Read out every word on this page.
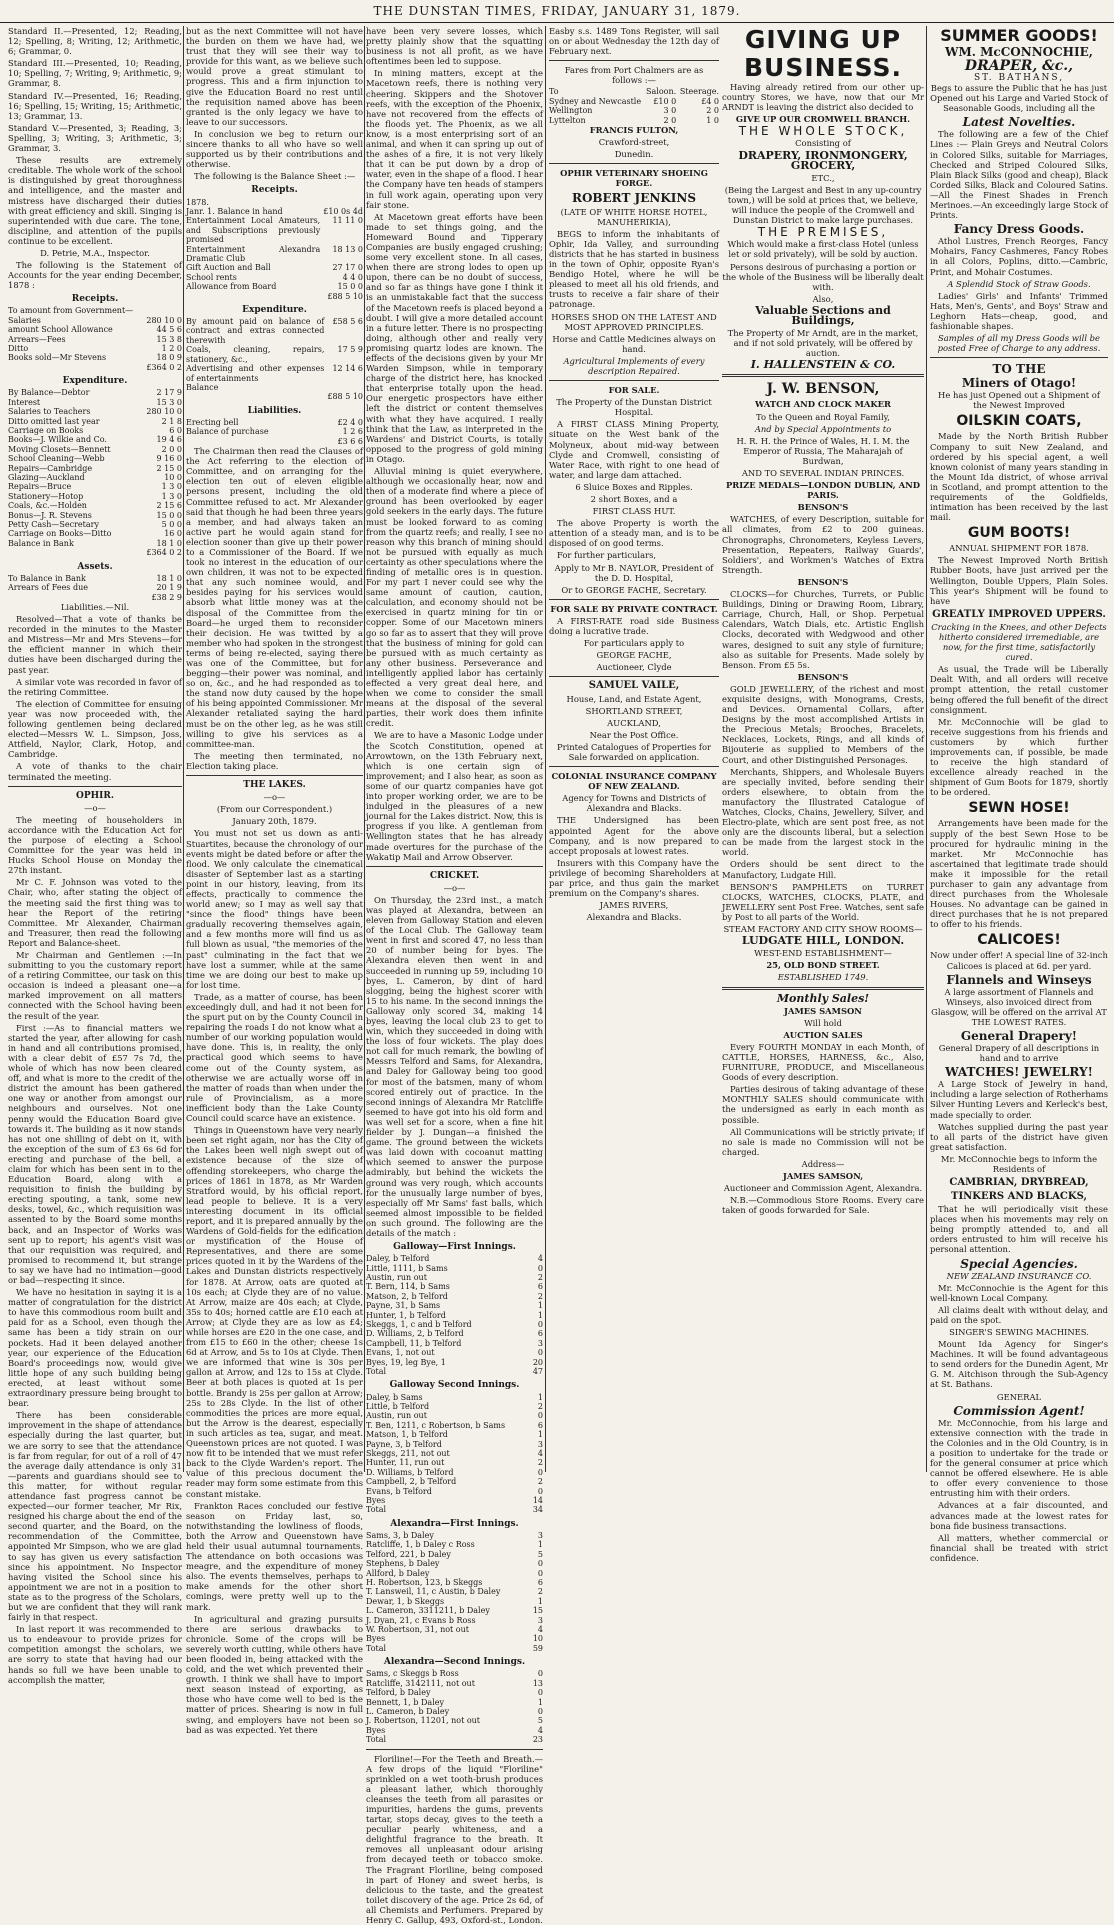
THE DUNSTAN TIMES, FRIDAY, JANUARY 31, 1879.

Standard II.—Presented, 12; Reading, 12; Spelling, 8; Writing, 12; Arithmetic, 6; Grammar, 0.

Standard III.—Presented, 10; Reading, 10; Spelling, 7; Writing, 9; Arithmetic, 9; Grammar, 8.

Standard IV.—Presented, 16; Reading, 16; Spelling, 15; Writing, 15; Arithmetic, 13; Grammar, 13.

Standard V.—Presented, 3; Reading, 3; Spelling, 3; Writing, 3; Arithmetic, 3; Grammar, 3.

These results are extremely creditable. The whole work of the school is distinguished by great thoroughness and intelligence, and the master and mistress have discharged their duties with great efficiency and skill. Singing is superintended with due care. The tone, discipline, and attention of the pupils continue to be excellent.

D. Petrie, M.A., Inspector.

The following is the Statement of Accounts for the year ending December, 1878 :

Receipts.
To amount from Government—	
Salaries	280 10 0
amount School Allowance	44 5 6
Arrears—Fees	15 3 8
Ditto	1 2 0
Books sold—Mr Stevens	18 0 9
	£364 0 2
Expenditure.
By Balance—Debtor	2 17 9
Interest	15 3 0
Salaries to Teachers	280 10 0
Ditto omitted last year	2 1 8
Carriage on Books	6 0
Books—J. Wilkie and Co.	19 4 6
Moving Closets—Bennett	2 0 0
School Cleaning—Webb	9 16 0
Repairs—Cambridge	2 15 0
Glazing—Auckland	10 0
Repairs—Bruce	1 3 0
Stationery—Hotop	1 3 0
Coals, &c.—Holden	2 15 6
Bonus—J. R. Stevens	15 0 0
Petty Cash—Secretary	5 0 0
Carriage on Books—Ditto	16 0
Balance in Bank	18 1 0
	£364 0 2
Assets.
To Balance in Bank	18 1 0
Arrears of Fees due	20 1 9
	£38 2 9

Liabilities.—Nil.

Resolved—That a vote of thanks be recorded in the minutes to the Master and Mistress—Mr and Mrs Stevens—for the efficient manner in which their duties have been discharged during the past year.

A similar vote was recorded in favor of the retiring Committee.

The election of Committee for ensuing year was now proceeded with, the following gentlemen being declared elected—Messrs W. L. Simpson, Joss, Attfield, Naylor, Clark, Hotop, and Cambridge.

A vote of thanks to the chair terminated the meeting.

OPHIR.
—o—

The meeting of householders in accordance with the Education Act for the purpose of electing a School Committee for the year was held in Hucks School House on Monday the 27th instant.

Mr C. F. Johnson was voted to the Chair, who, after stating the object of the meeting said the first thing was to hear the Report of the retiring Committee. Mr Alexander, Chairman and Treasurer, then read the following Report and Balance-sheet.

Mr Chairman and Gentlemen :—In submitting to you the customary report of a retiring Committee, our task on this occasion is indeed a pleasant one—a marked improvement on all matters connected with the School having been the result of the year.

First :—As to financial matters we started the year, after allowing for cash in hand and all contributions promised, with a clear debit of £57 7s 7d, the whole of which has now been cleared off, and what is more to the credit of the district the amount has been gathered one way or another from amongst our neighbours and ourselves. Not one penny would the Education Board give towards it. The building as it now stands has not one shilling of debt on it, with the exception of the sum of £3 6s 6d for erecting and purchase of the bell, a claim for which has been sent in to the Education Board, along with a requisition to finish the building by erecting spouting, a tank, some new desks, towel, &c., which requisition was assented to by the Board some months back, and an Inspector of Works was sent up to report; his agent's visit was that our requisition was required, and promised to recommend it, but strange to say we have had no intimation—good or bad—respecting it since.

We have no hesitation in saying it is a matter of congratulation for the district to have this commodious room built and paid for as a School, even though the same has been a tidy strain on our pockets. Had it been delayed another year, our experience of the Education Board's proceedings now, would give little hope of any such building being erected, at least without some extraordinary pressure being brought to bear.

There has been considerable improvement in the shape of attendance especially during the last quarter, but we are sorry to see that the attendance is far from regular, for out of a roll of 47 the average daily attendance is only 31—parents and guardians should see to this matter, for without regular attendance fast progress cannot be expected—our former teacher, Mr Rix, resigned his charge about the end of the second quarter, and the Board, on the recommendation of the Committee, appointed Mr Simpson, who we are glad to say has given us every satisfaction since his appointment. No Inspector having visited the School since his appointment we are not in a position to state as to the progress of the Scholars, but we are confident that they will rank fairly in that respect.

In last report it was recommended to us to endeavour to provide prizes for competition amongst the scholars, we are sorry to state that having had our hands so full we have been unable to accomplish the matter,

but as the next Committee will not have the burden on them we have had, we trust that they will see their way to provide for this want, as we believe such would prove a great stimulant to progress. This and a firm injunction to give the Education Board no rest until the requisition named above has been granted is the only legacy we have to leave to our successors.

In conclusion we beg to return our sincere thanks to all who have so well supported us by their contributions and otherwise.

The following is the Balance Sheet :—

Receipts.
1878.	
Janr. 1. Balance in hand	£10 0s 4d
Entertainment Local Amateurs, and Subscriptions previously promised	11 11 0
Entertainment Alexandra Dramatic Club	18 13 0
Gift Auction and Ball	27 17 0
School rents	4 4 0
Allowance from Board	15 0 0
	£88 5 10
Expenditure.
By amount paid on balance of contract and extras connected therewith	£58 5 6
Coals, cleaning, repairs, stationery, &c.,	17 5 9
Advertising and other expenses of entertainments	12 14 6
Balance	
	£88 5 10
Liabilities.
Erecting bell	£2 4 0
Balance of purchase	1 2 6
	£3 6 6

The Chairman then read the Clauses of the Act referring to the election of Committee, and on arranging for the election ten out of eleven eligible persons present, including the old Committee refused to act. Mr Alexander said that though he had been three years a member, and had always taken an active part he would again stand for election sooner than give up their power to a Commissioner of the Board. If we took no interest in the education of our own children, it was not to be expected that any such nominee would, and besides paying for his services would absorb what little money was at the disposal of the Committee from the Board—he urged them to reconsider their decision. He was twitted by a member who had spoken in the strongest terms of being re-elected, saying there was one of the Committee, but for begging—their power was nominal, and so on, &c., and he had responded as to the stand now duty caused by the hope of his being appointed Commissioner. Mr Alexander retaliated saying the hard must be on the other leg, as he was still willing to give his services as a committee-man.

The meeting then terminated, no Election taking place.

THE LAKES.
—o—

(From our Correspondent.)

January 20th, 1879.

You must not set us down as anti-Stuartites, because the chronology of our events might be dated before or after the flood. We only calculate the cinematical disaster of September last as a starting point in our history, leaving, from its effects, practically to commence the world anew; so I may as well say that "since the flood" things have been gradually recovering themselves again, and a few months more will find us as full blown as usual, "the memories of the past" culminating in the fact that we have lost a summer, while at the same time we are doing our best to make up for lost time.

Trade, as a matter of course, has been exceedingly dull, and had it not been for the spurt put on by the County Council in repairing the roads I do not know what a number of our working population would have done. This is, in reality, the only practical good which seems to have come out of the County system, as otherwise we are actually worse off in the matter of roads than when under the rule of Provincialism, as a more inefficient body than the Lake County Council could scarce have an existence.

Things in Queenstown have very nearly been set right again, nor has the City of the Lakes been well nigh swept out of existence because of the size of offending storekeepers, who charge the prices of 1861 in 1878, as Mr Warden Stratford would, by his official report, lead people to believe. It is a very interesting document in its official report, and it is prepared annually by the Wardens of Gold-fields for the edification or mystification of the House of Representatives, and there are some prices quoted in it by the Wardens of the Lakes and Dunstan districts respectively for 1878. At Arrow, oats are quoted at 10s each; at Clyde they are of no value. At Arrow, maize are 40s each; at Clyde, 35s to 40s; horned cattle are £10 each at Arrow; at Clyde they are as low as £4; while horses are £20 in the one case, and from £15 to £60 in the other; cheese 1s 6d at Arrow, and 5s to 10s at Clyde. Then we are informed that wine is 30s per gallon at Arrow, and 12s to 15s at Clyde. Beer at both places is quoted at 1s per bottle. Brandy is 25s per gallon at Arrow; 25s to 28s Clyde. In the list of other commodities the prices are more equal, but the Arrow is the dearest, especially in such articles as tea, sugar, and meat. Queenstown prices are not quoted. I was now fit to be intended that we must refer back to the Clyde Warden's report. The value of this precious document the reader may form some estimate from this constant mistake.

Frankton Races concluded our festive season on Friday last, so, notwithstanding the lowliness of floods, both the Arrow and Queenstown have held their usual autumnal tournaments. The attendance on both occasions was meagre, and the expenditure of money also. The events themselves, perhaps to make amends for the other short comings, were pretty well up to the mark.

In agricultural and grazing pursuits there are serious drawbacks to chronicle. Some of the crops will be severely worth cutting, while others have been flooded in, being attacked with the cold, and the wet which prevented their growth. I think we shall have to import next season instead of exporting, as those who have come well to bed is the matter of prices. Shearing is now in full swing, and employers have not been so bad as was expected. Yet there

have been very severe losses, which pretty plainly show that the squatting business is not all profit, as we have oftentimes been led to suppose.

In mining matters, except at the Macetown reefs, there is nothing very cheering. Skippers and the Shotover reefs, with the exception of the Phoenix, have not recovered from the effects of the floods yet. The Phoenix, as we all know, is a most enterprising sort of an animal, and when it can spring up out of the ashes of a fire, it is not very likely that it can be put down by a drop of water, even in the shape of a flood. I hear the Company have ten heads of stampers in full work again, operating upon very fair stone.

At Macetown great efforts have been made to set things going, and the Homeward Bound and Tipperary Companies are busily engaged crushing; some very excellent stone. In all cases, when there are strong lodes to open up upon, there can be no doubt of success, and so far as things have gone I think it is an unmistakable fact that the success of the Macetown reefs is placed beyond a doubt. I will give a more detailed account in a future letter. There is no prospecting doing, although other and really very promising quartz lodes are known. The effects of the decisions given by your Mr Warden Simpson, while in temporary charge of the district here, has knocked that enterprise totally upon the head. Our energetic prospectors have either left the district or content themselves with what they have acquired. I really think that the Law, as interpreted in the Wardens' and District Courts, is totally opposed to the progress of gold mining in Otago.

Alluvial mining is quiet everywhere, although we occasionally hear, now and then of a moderate find where a piece of ground has been overlooked by eager gold seekers in the early days. The future must be looked forward to as coming from the quartz reefs; and really, I see no reason why this branch of mining should not be pursued with equally as much certainty as other speculations where the finding of metallic ores is in question. For my part I never could see why the same amount of caution, caution, calculation, and economy should not be exercised in quartz mining for tin or copper. Some of our Macetown miners go so far as to assert that they will prove that the business of mining for gold can be pursued with as much certainty as any other business. Perseverance and intelligently applied labor has certainly effected a very great deal here, and when we come to consider the small means at the disposal of the several parties, their work does them infinite credit.

We are to have a Masonic Lodge under the Scotch Constitution, opened at Arrowtown, on the 13th February next, which is one certain sign of improvement; and I also hear, as soon as some of our quartz companies have got into proper working order, we are to be indulged in the pleasures of a new journal for the Lakes district. Now, this is progress if you like. A gentleman from Wellington states that he has already made overtures for the purchase of the Wakatip Mail and Arrow Observer.

CRICKET.
—o—

On Thursday, the 23rd inst., a match was played at Alexandra, between an eleven from Galloway Station and eleven of the Local Club. The Galloway team went in first and scored 47, no less than 20 of number being for byes. The Alexandra eleven then went in and succeeded in running up 59, including 10 byes, L. Cameron, by dint of hard slogging, being the highest scorer with 15 to his name. In the second innings the Galloway only scored 34, making 14 byes, leaving the local club 23 to get to win, which they succeeded in doing with the loss of four wickets. The play does not call for much remark, the bowling of Messrs Telford and Sams, for Alexandra, and Daley for Galloway being too good for most of the batsmen, many of whom scored entirely out of practice. In the second innings of Alexandra Mr Ratcliffe seemed to have got into his old form and was well set for a score, when a fine hit fielder by J. Dungan—a finished the game. The ground between the wickets was laid down with cocoanut matting which seemed to answer the purpose admirably, but behind the wickets the ground was very rough, which accounts for the unusually large number of byes, especially off Mr Sams' fast balls, which seemed almost impossible to be fielded on such ground. The following are the details of the match :

Galloway—First Innings.
Daley, b Telford	4
Little, 1111, b Sams	0
Austin, run out	2
T. Bern, 114, b Sams	6
Matson, 2, b Telford	2
Payne, 31, b Sams	1
Hunter, 1, b Telford	1
Skeggs, 1, c and b Telford	0
D. Williams, 2, b Telford	6
Campbell, 11, b Telford	3
Evans, 1, not out	0
Byes, 19, leg Bye, 1	20
Total	47
Galloway Second Innings.
Daley, b Sams	1
Little, b Telford	2
Austin, run out	0
T. Ben, 1211, c Robertson, b Sams	6
Matson, 1, b Telford	1
Payne, 3, b Telford	3
Skeggs, 211, not out	4
Hunter, 11, run out	2
D. Williams, b Telford	0
Campbell, 2, b Telford	2
Evans, b Telford	0
Byes	14
Total	34
Alexandra—First Innings.
Sams, 3, b Daley	3
Ratcliffe, 1, b Daley c Ross	1
Telford, 221, b Daley	5
Stephens, b Daley	0
Allford, b Daley	0
H. Robertson, 123, b Skeggs	6
T. Lansweil, 11, c Austin, b Daley	2
Dewar, 1, b Skeggs	1
L. Cameron, 3311211, b Daley	15
J. Dyan, 21, c Evans b Ross	3
W. Robertson, 31, not out	4
Byes	10
Total	59
Alexandra—Second Innings.
Sams, c Skeggs b Ross	0
Ratcliffe, 3142111, not out	13
Telford, b Daley	0
Bennett, 1, b Daley	1
L. Cameron, b Daley	0
J. Robertson, 11201, not out	5
Byes	4
Total	23

Floriline!—For the Teeth and Breath.—A few drops of the liquid "Floriline" sprinkled on a wet tooth-brush produces a pleasant lather, which thoroughly cleanses the teeth from all parasites or impurities, hardens the gums, prevents tartar, stops decay, gives to the teeth a peculiar pearly whiteness, and a delightful fragrance to the breath. It removes all unpleasant odour arising from decayed teeth or tobacco smoke. The Fragrant Floriline, being composed in part of Honey and sweet herbs, is delicious to the taste, and the greatest toilet discovery of the age. Price 2s 6d, of all Chemists and Perfumers. Prepared by Henry C. Gallup, 493, Oxford-st., London.

Easby s.s. 1489 Tons Register, will sail on or about Wednesday the 12th day of February next.

Fares from Port Chalmers are as follows :—

To	Saloon.	Steerage.
Sydney and Newcastle	£10 0	£4 0
Wellington	3 0	2 0
Lyttelton	2 0	1 0

FRANCIS FULTON,

Crawford-street,

Dunedin.

OPHIR VETERINARY SHOEING FORGE.

ROBERT JENKINS

(LATE OF WHITE HORSE HOTEL, MANUHERIKIA),

BEGS to inform the inhabitants of Ophir, Ida Valley, and surrounding districts that he has started in business in the town of Ophir, opposite Ryan's Bendigo Hotel, where he will be pleased to meet all his old friends, and trusts to receive a fair share of their patronage.

HORSES SHOD ON THE LATEST AND MOST APPROVED PRINCIPLES.

Horse and Cattle Medicines always on hand.

Agricultural Implements of every description Repaired.

FOR SALE.

The Property of the Dunstan District Hospital.

A FIRST CLASS Mining Property, situate on the West bank of the Molyneux, about mid-way between Clyde and Cromwell, consisting of Water Race, with right to one head of water, and large dam attached.

6 Sluice Boxes and Ripples.

2 short Boxes, and a

FIRST CLASS HUT.

The above Property is worth the attention of a steady man, and is to be disposed of on good terms.

For further particulars,

Apply to Mr B. NAYLOR, President of the D. D. Hospital,

Or to GEORGE FACHE, Secretary.

FOR SALE BY PRIVATE CONTRACT.

A FIRST-RATE road side Business doing a lucrative trade.

For particulars apply to

GEORGE FACHE,

Auctioneer, Clyde

SAMUEL VAILE,

House, Land, and Estate Agent,

SHORTLAND STREET,

AUCKLAND,

Near the Post Office.

Printed Catalogues of Properties for Sale forwarded on application.

COLONIAL INSURANCE COMPANY OF NEW ZEALAND.

Agency for Towns and Districts of Alexandra and Blacks.

THE Undersigned has been appointed Agent for the above Company, and is now prepared to accept proposals at lowest rates.

Insurers with this Company have the privilege of becoming Shareholders at par price, and thus gain the market premium on the Company's shares.

JAMES RIVERS,

Alexandra and Blacks.

GIVING UP BUSINESS.

Having already retired from our other up-country Stores, we have, now that our Mr ARNDT is leaving the district also decided to

GIVE UP OUR CROMWELL BRANCH.

THE WHOLE STOCK,

Consisting of

DRAPERY, IRONMONGERY, GROCERY,

ETC.,

(Being the Largest and Best in any up-country town,) will be sold at prices that, we believe, will induce the people of the Cromwell and Dunstan District to make large purchases.

THE PREMISES,

Which would make a first-class Hotel (unless let or sold privately), will be sold by auction.

Persons desirous of purchasing a portion or the whole of the Business will be liberally dealt with.

Also,

Valuable Sections and Buildings,

The Property of Mr Arndt, are in the market, and if not sold privately, will be offered by auction.

I. HALLENSTEIN & CO.

J. W. BENSON,

WATCH AND CLOCK MAKER

To the Queen and Royal Family,

And by Special Appointments to

H. R. H. the Prince of Wales, H. I. M. the Emperor of Russia, The Maharajah of Burdwan,

AND TO SEVERAL INDIAN PRINCES.

PRIZE MEDALS—LONDON DUBLIN, AND PARIS.

BENSON'S

WATCHES, of every Description, suitable for all climates, from £2 to 200 guineas. Chronographs, Chronometers, Keyless Levers, Presentation, Repeaters, Railway Guards', Soldiers', and Workmen's Watches of Extra Strength.

BENSON'S

CLOCKS—for Churches, Turrets, or Public Buildings, Dining or Drawing Room, Library, Carriage, Church, Hall, or Shop. Perpetual Calendars, Watch Dials, etc. Artistic English Clocks, decorated with Wedgwood and other wares, designed to suit any style of furniture; also as suitable for Presents. Made solely by Benson. From £5 5s.

BENSON'S

GOLD JEWELLERY, of the richest and most exquisite designs, with Monograms, Crests, and Devices. Ornamental Collars, after Designs by the most accomplished Artists in the Precious Metals; Brooches, Bracelets, Necklaces, Lockets, Rings, and all kinds of Bijouterie as supplied to Members of the Court, and other Distinguished Personages.

Merchants, Shippers, and Wholesale Buyers are specially invited, before sending their orders elsewhere, to obtain from the manufactory the Illustrated Catalogue of Watches, Clocks, Chains, Jewellery, Silver, and Electro-plate, which are sent post free, as not only are the discounts liberal, but a selection can be made from the largest stock in the world.

Orders should be sent direct to the Manufactory, Ludgate Hill.

BENSON'S PAMPHLETS on TURRET CLOCKS, WATCHES, CLOCKS, PLATE, and JEWELLERY sent Post Free. Watches, sent safe by Post to all parts of the World.

STEAM FACTORY AND CITY SHOW ROOMS—

LUDGATE HILL, LONDON.

WEST-END ESTABLISHMENT—

25, OLD BOND STREET.

ESTABLISHED 1749.

Monthly Sales!

JAMES SAMSON

Will hold

AUCTION SALES

Every FOURTH MONDAY in each Month, of CATTLE, HORSES, HARNESS, &c., Also, FURNITURE, PRODUCE, and Miscellaneous Goods of every description.

Parties desirous of taking advantage of these MONTHLY SALES should communicate with the undersigned as early in each month as possible.

All Communications will be strictly private; if no sale is made no Commission will not be charged.

Address—

JAMES SAMSON,

Auctioneer and Commission Agent, Alexandra.

N.B.—Commodious Store Rooms. Every care taken of goods forwarded for Sale.

SUMMER GOODS!
WM. McCONNOCHIE,
DRAPER, &c.,
ST. BATHANS,

Begs to assure the Public that he has just Opened out his Large and Varied Stock of Seasonable Goods, including all the

Latest Novelties.

The following are a few of the Chief Lines :— Plain Greys and Neutral Colors in Colored Silks, suitable for Marriages, Checked and Striped Coloured Silks, Plain Black Silks (good and cheap), Black Corded Silks, Black and Coloured Satins.—All the Finest Shades in French Merinoes.—An exceedingly large Stock of Prints.

Fancy Dress Goods.

Athol Lustres, French Reorges, Fancy Mohairs, Fancy Cashmeres, Fancy Robes in all Colors, Poplins, ditto.—Cambric, Print, and Mohair Costumes.

A Splendid Stock of Straw Goods.

Ladies' Girls' and Infants' Trimmed Hats, Men's, Gents', and Boys' Straw and Leghorn Hats—cheap, good, and fashionable shapes.

Samples of all my Dress Goods will be posted Free of Charge to any address.

TO THE
Miners of Otago!

He has just Opened out a Shipment of the Newest Improved

OILSKIN COATS,

Made by the North British Rubber Company to suit New Zealand, and ordered by his special agent, a well known colonist of many years standing in the Mount Ida district, of whose arrival in Scotland, and prompt attention to the requirements of the Goldfields, intimation has been received by the last mail.

GUM BOOTS!

ANNUAL SHIPMENT FOR 1878.

The Newest Improved North British Rubber Boots, have just arrived per the Wellington, Double Uppers, Plain Soles. This year's Shipment will be found to have

GREATLY IMPROVED UPPERS.

Cracking in the Knees, and other Defects hitherto considered irremediable, are now, for the first time, satisfactorily cured.

As usual, the Trade will be Liberally Dealt With, and all orders will receive prompt attention, the retail customer being offered the full benefit of the direct consignment.

Mr. McConnochie will be glad to receive suggestions from his friends and customers by which further improvements can, if possible, be made to receive the high standard of excellence already reached in the shipment of Gum Boots for 1879, shortly to be ordered.

SEWN HOSE!

Arrangements have been made for the supply of the best Sewn Hose to be procured for hydraulic mining in the market. Mr McConnochie has ascertained that legitimate trade should make it impossible for the retail purchaser to gain any advantage from direct purchases from the Wholesale Houses. No advantage can be gained in direct purchases that he is not prepared to offer to his friends.

CALICOES!

Now under offer! A special line of 32-inch Calicoes is placed at 6d. per yard.

Flannels and Winseys

A large assortment of Flannels and Winseys, also invoiced direct from Glasgow, will be offered on the arrival AT THE LOWEST RATES.

General Drapery!

General Drapery of all descriptions in hand and to arrive

WATCHES! JEWELRY!

A Large Stock of Jewelry in hand, including a large selection of Rotherhams Silver Hunting Levers and Kerleck's best, made specially to order.

Watches supplied during the past year to all parts of the district have given great satisfaction.

Mr. McConnochie begs to inform the Residents of

CAMBRIAN, DRYBREAD, TINKERS AND BLACKS,

That he will periodically visit these places when his movements may rely on being promptly attended to, and all orders entrusted to him will receive his personal attention.

Special Agencies.

NEW ZEALAND INSURANCE CO.

Mr. McConnochie is the Agent for this well-known Local Company.

All claims dealt with without delay, and paid on the spot.

SINGER'S SEWING MACHINES.

Mount Ida Agency for Singer's Machines. It will be found advantageous to send orders for the Dunedin Agent, Mr G. M. Aitchison through the Sub-Agency at St. Bathans.

GENERAL

Commission Agent!

Mr. McConnochie, from his large and extensive connection with the trade in the Colonies and in the Old Country, is in a position to undertake for the trade or for the general consumer at price which cannot be offered elsewhere. He is able to offer every convenience to those entrusting him with their orders.

Advances at a fair discounted, and advances made at the lowest rates for bona fide business transactions.

All matters, whether commercial or financial shall be treated with strict confidence.
